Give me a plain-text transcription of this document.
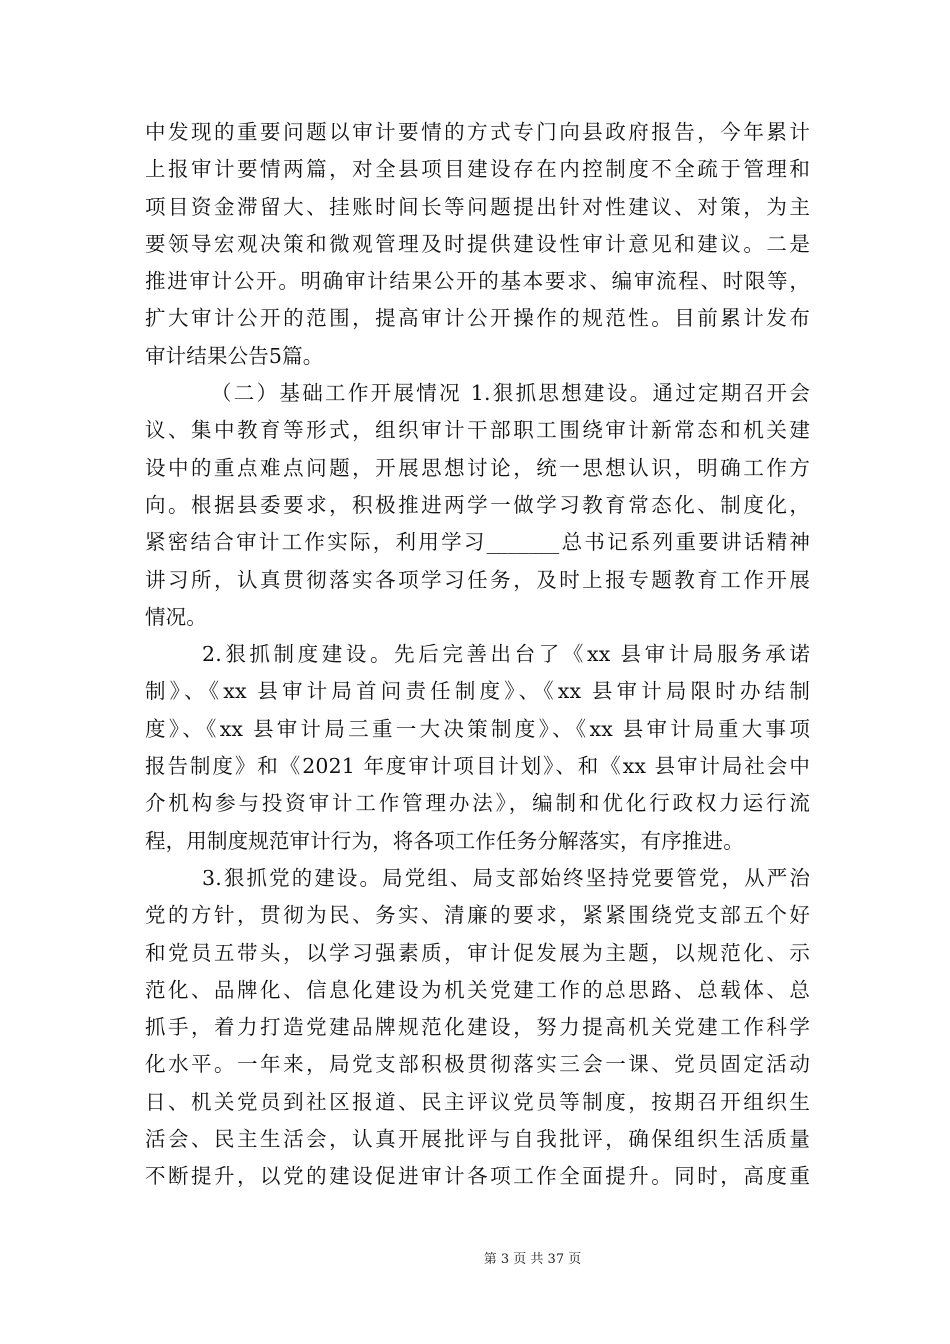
中发现的重要问题以审计要情的方式专门向县政府报告，今年累计
上报审计要情两篇，对全县项目建设存在内控制度不全疏于管理和
项目资金滞留大、挂账时间长等问题提出针对性建议、对策，为主
要领导宏观决策和微观管理及时提供建设性审计意见和建议。二是
推进审计公开。明确审计结果公开的基本要求、编审流程、时限等，
扩大审计公开的范围，提高审计公开操作的规范性。目前累计发布
审计结果公告5篇。
（二）基础工作开展情况 1.狠抓思想建设。通过定期召开会
议、集中教育等形式，组织审计干部职工围绕审计新常态和机关建
设中的重点难点问题，开展思想讨论，统一思想认识，明确工作方
向。根据县委要求，积极推进两学一做学习教育常态化、制度化，
紧密结合审计工作实际，利用学习_______总书记系列重要讲话精神
讲习所，认真贯彻落实各项学习任务，及时上报专题教育工作开展
情况。
2.狠抓制度建设。先后完善出台了《xx 县审计局服务承诺
制》、《xx 县审计局首问责任制度》、《xx 县审计局限时办结制
度》、《xx 县审计局三重一大决策制度》、《xx 县审计局重大事项
报告制度》和《2021 年度审计项目计划》、和《xx 县审计局社会中
介机构参与投资审计工作管理办法》，编制和优化行政权力运行流
程，用制度规范审计行为，将各项工作任务分解落实，有序推进。
3.狠抓党的建设。局党组、局支部始终坚持党要管党，从严治
党的方针，贯彻为民、务实、清廉的要求，紧紧围绕党支部五个好
和党员五带头，以学习强素质，审计促发展为主题，以规范化、示
范化、品牌化、信息化建设为机关党建工作的总思路、总载体、总
抓手，着力打造党建品牌规范化建设，努力提高机关党建工作科学
化水平。一年来，局党支部积极贯彻落实三会一课、党员固定活动
日、机关党员到社区报道、民主评议党员等制度，按期召开组织生
活会、民主生活会，认真开展批评与自我批评，确保组织生活质量
不断提升，以党的建设促进审计各项工作全面提升。同时，高度重
第 3 页 共 37 页
